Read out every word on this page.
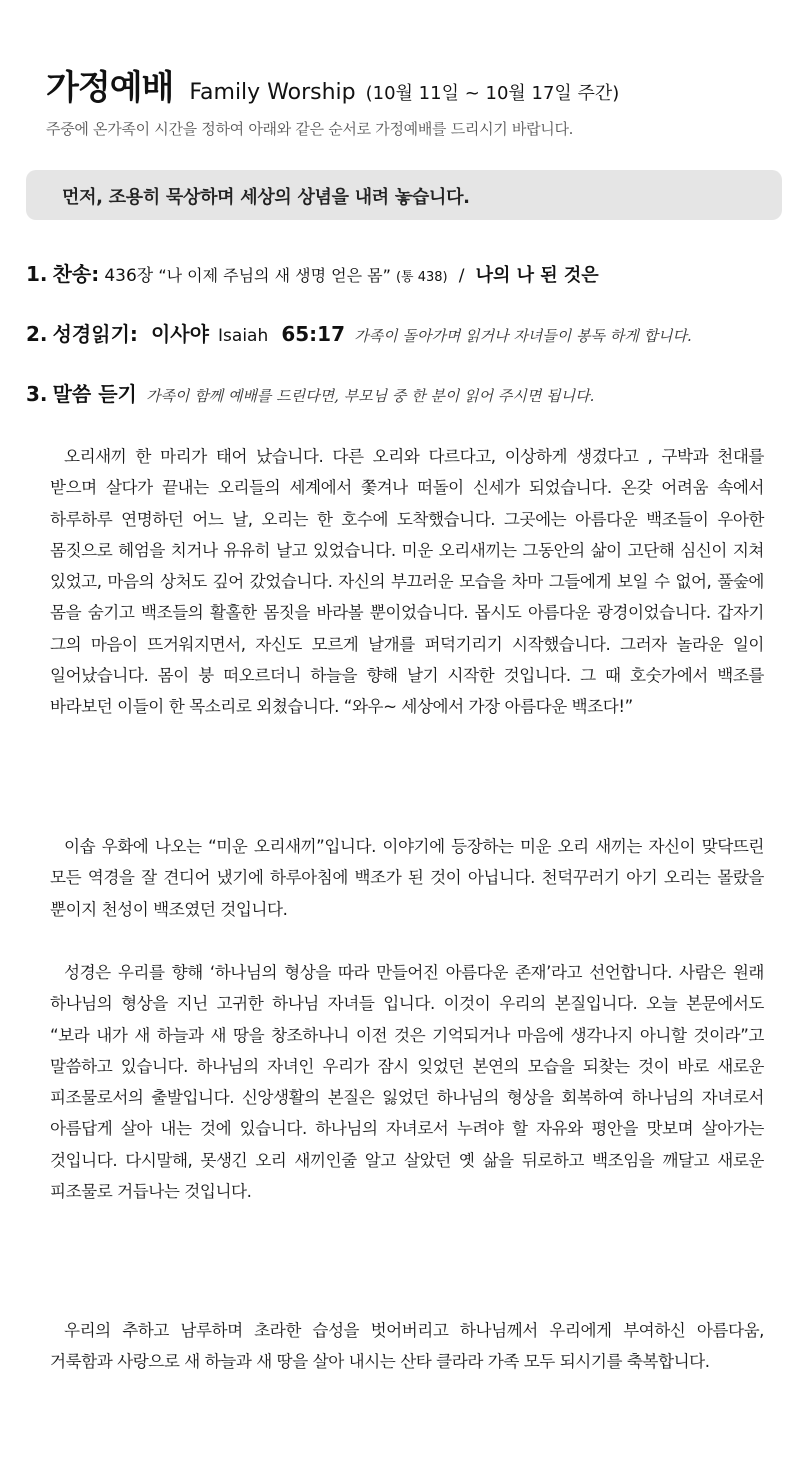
가정예배 Family Worship (10월 11일 ~ 10월 17일 주간)
주중에 온가족이 시간을 정하여 아래와 같은 순서로 가정예배를 드리시기 바랍니다.
먼저, 조용히 묵상하며 세상의 상념을 내려 놓습니다.
1. 찬송: 436장 “나 이제 주님의 새 생명 얻은 몸” (통 438) / 나의 나 된 것은
2. 성경읽기: 이사야 Isaiah 65:17 가족이 돌아가며 읽거나 자녀들이 봉독 하게 합니다.
3. 말씀 듣기 가족이 함께 예배를 드린다면, 부모님 중 한 분이 읽어 주시면 됩니다.

오리새끼 한 마리가 태어 났습니다. 다른 오리와 다르다고, 이상하게 생겼다고 , 구박과 천대를 받으며 살다가 끝내는 오리들의 세계에서 쫓겨나 떠돌이 신세가 되었습니다. 온갖 어려움 속에서 하루하루 연명하던 어느 날, 오리는 한 호수에 도착했습니다. 그곳에는 아름다운 백조들이 우아한 몸짓으로 헤엄을 치거나 유유히 날고 있었습니다. 미운 오리새끼는 그동안의 삶이 고단해 심신이 지쳐 있었고, 마음의 상처도 깊어 갔었습니다. 자신의 부끄러운 모습을 차마 그들에게 보일 수 없어, 풀숲에 몸을 숨기고 백조들의 활홀한 몸짓을 바라볼 뿐이었습니다. 몹시도 아름다운 광경이었습니다. 갑자기 그의 마음이 뜨거워지면서, 자신도 모르게 날개를 퍼덕기리기 시작했습니다. 그러자 놀라운 일이 일어났습니다. 몸이 붕 떠오르더니 하늘을 향해 날기 시작한 것입니다. 그 때 호숫가에서 백조를 바라보던 이들이 한 목소리로 외쳤습니다. “와우~ 세상에서 가장 아름다운 백조다!”

이솝 우화에 나오는 “미운 오리새끼”입니다. 이야기에 등장하는 미운 오리 새끼는 자신이 맞닥뜨린 모든 역경을 잘 견디어 냈기에 하루아침에 백조가 된 것이 아닙니다. 천덕꾸러기 아기 오리는 몰랐을 뿐이지 천성이 백조였던 것입니다.

성경은 우리를 향해 ‘하나님의 형상을 따라 만들어진 아름다운 존재’라고 선언합니다. 사람은 원래 하나님의 형상을 지닌 고귀한 하나님 자녀들 입니다. 이것이 우리의 본질입니다. 오늘 본문에서도 “보라 내가 새 하늘과 새 땅을 창조하나니 이전 것은 기억되거나 마음에 생각나지 아니할 것이라”고 말씀하고 있습니다. 하나님의 자녀인 우리가 잠시 잊었던 본연의 모습을 되찾는 것이 바로 새로운 피조물로서의 출발입니다. 신앙생활의 본질은 잃었던 하나님의 형상을 회복하여 하나님의 자녀로서 아름답게 살아 내는 것에 있습니다. 하나님의 자녀로서 누려야 할 자유와 평안을 맛보며 살아가는 것입니다. 다시말해, 못생긴 오리 새끼인줄 알고 살았던 옛 삶을 뒤로하고 백조임을 깨달고 새로운 피조물로 거듭나는 것입니다.

우리의 추하고 남루하며 초라한 습성을 벗어버리고 하나님께서 우리에게 부여하신 아름다움, 거룩함과 사랑으로 새 하늘과 새 땅을 살아 내시는 산타 클라라 가족 모두 되시기를 축복합니다.
